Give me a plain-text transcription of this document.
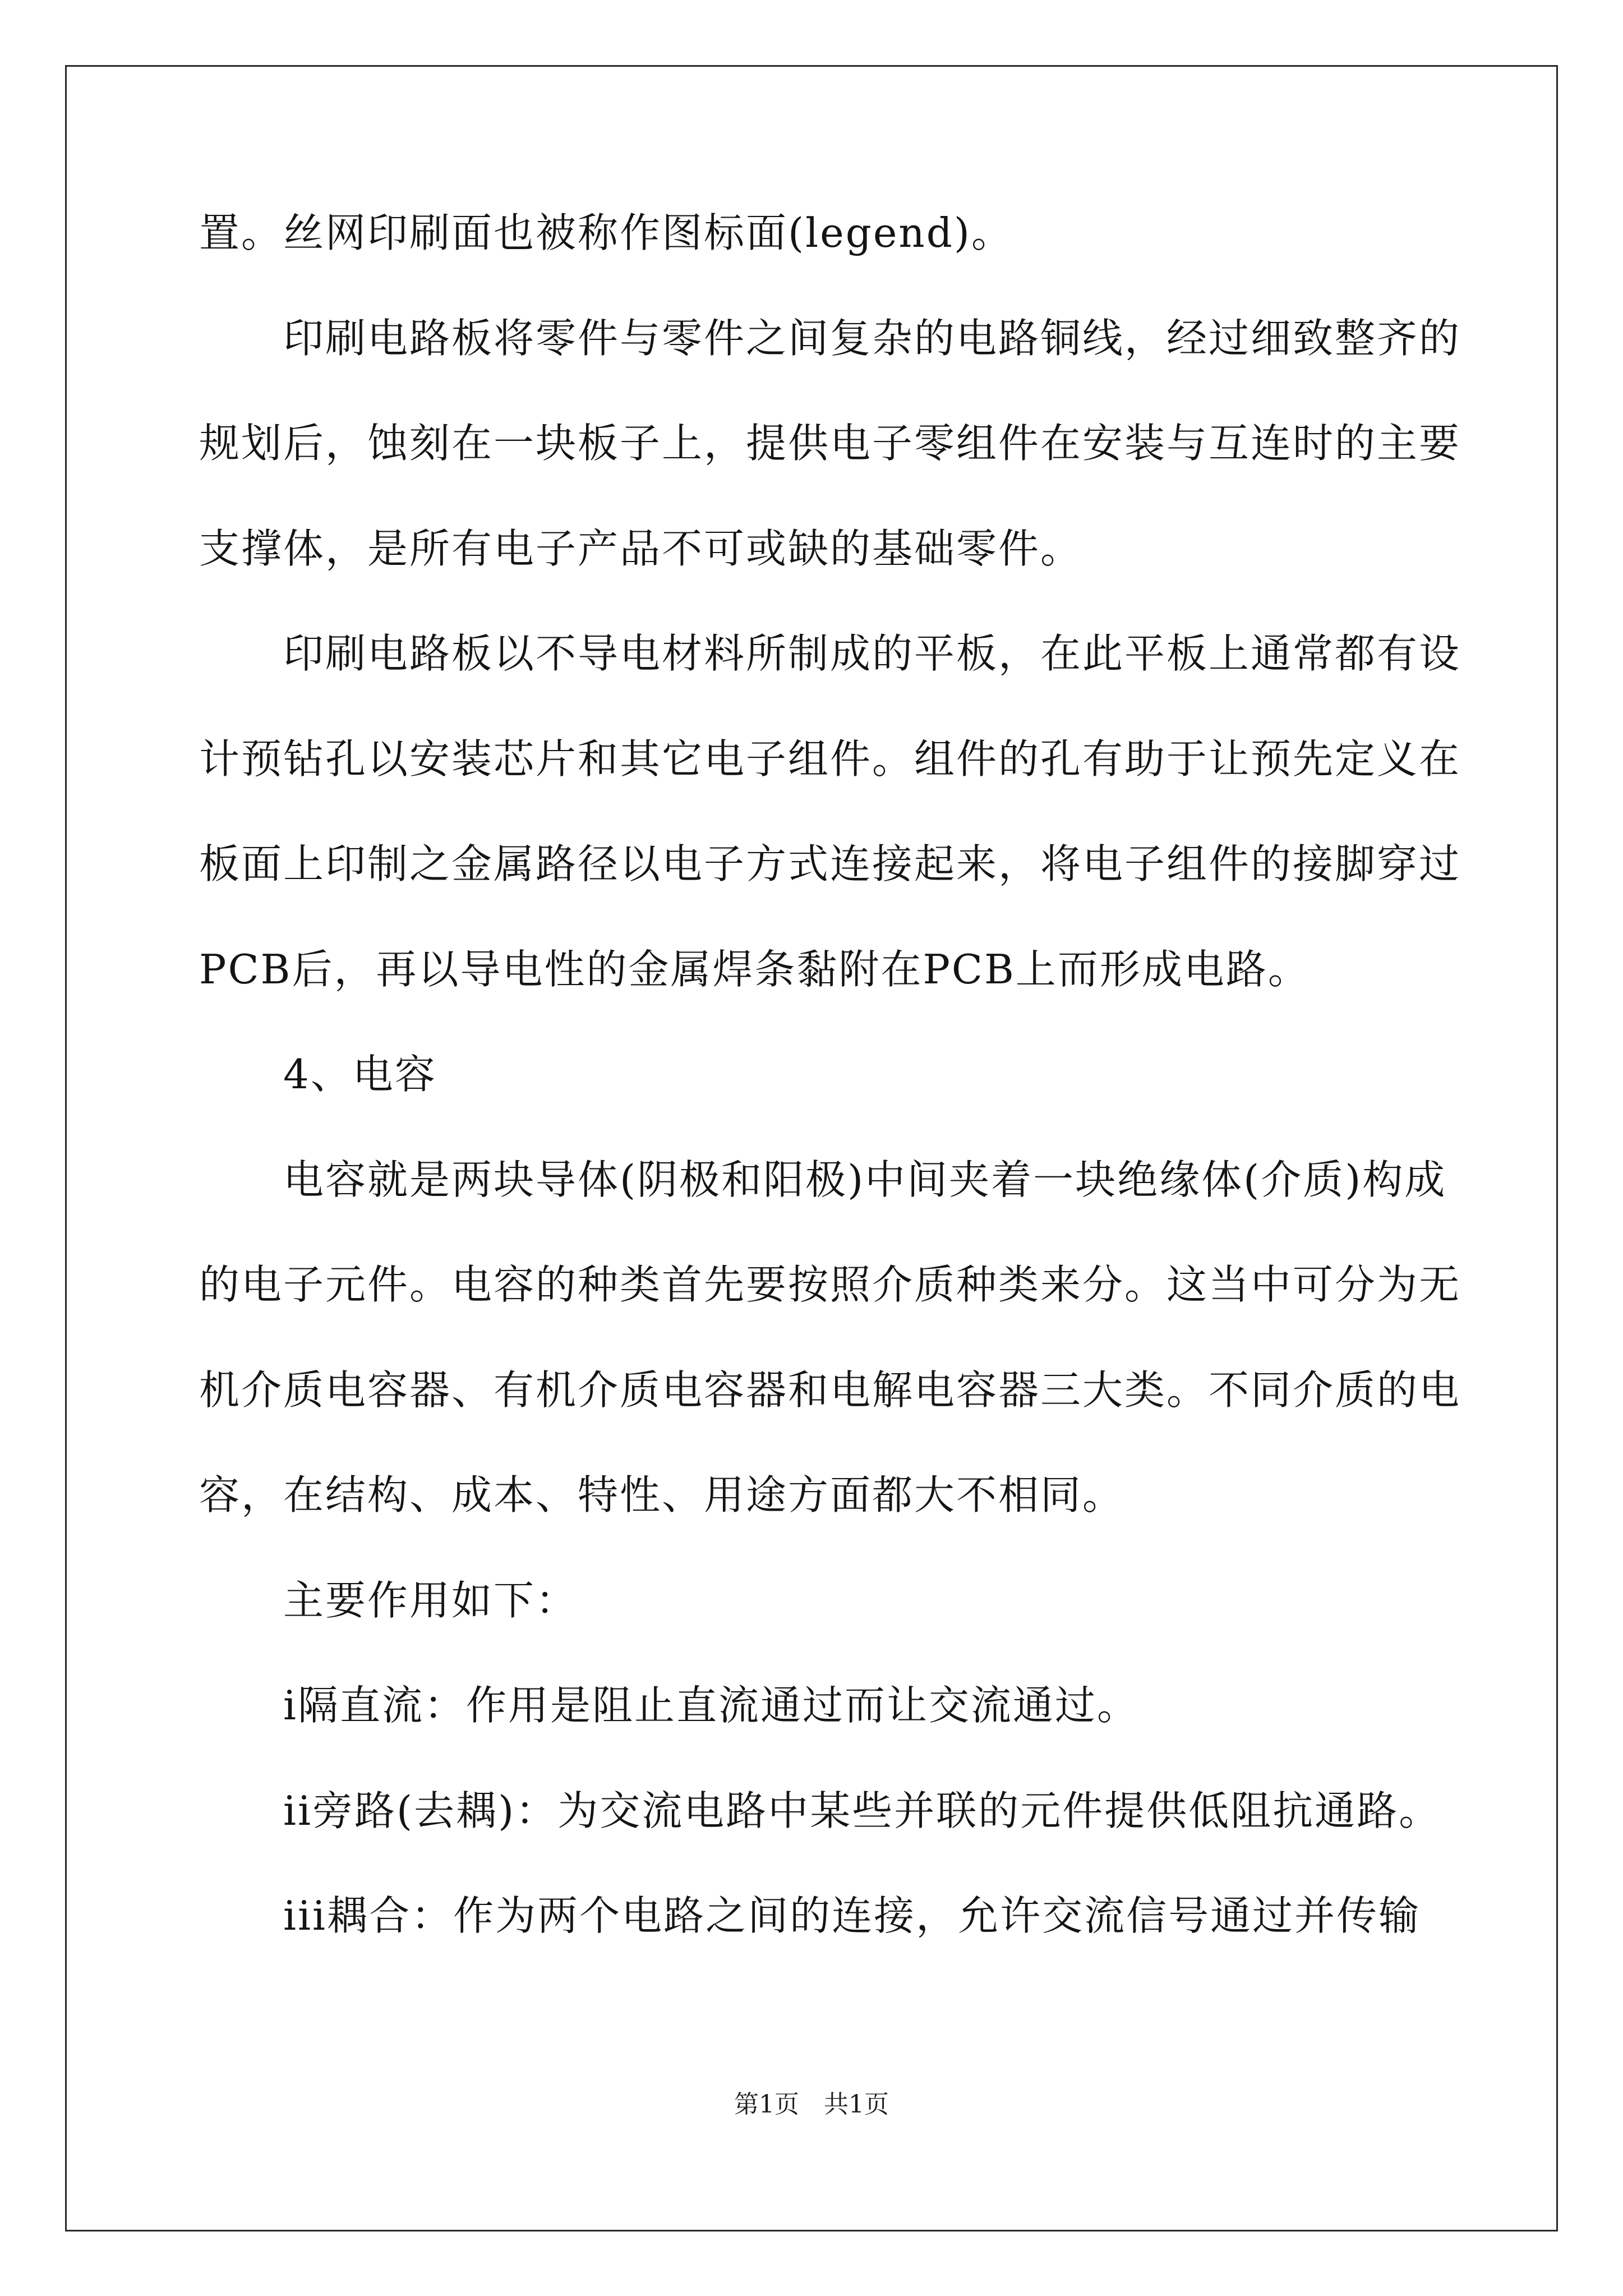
置。丝网印刷面也被称作图标面(legend)。
印刷电路板将零件与零件之间复杂的电路铜线，经过细致整齐的
规划后，蚀刻在一块板子上，提供电子零组件在安装与互连时的主要
支撑体，是所有电子产品不可或缺的基础零件。
印刷电路板以不导电材料所制成的平板，在此平板上通常都有设
计预钻孔以安装芯片和其它电子组件。组件的孔有助于让预先定义在
板面上印制之金属路径以电子方式连接起来，将电子组件的接脚穿过
PCB后，再以导电性的金属焊条黏附在PCB上而形成电路。
4、电容
电容就是两块导体(阴极和阳极)中间夹着一块绝缘体(介质)构成
的电子元件。电容的种类首先要按照介质种类来分。这当中可分为无
机介质电容器、有机介质电容器和电解电容器三大类。不同介质的电
容，在结构、成本、特性、用途方面都大不相同。
主要作用如下：
i隔直流：作用是阻止直流通过而让交流通过。
ii旁路(去耦)：为交流电路中某些并联的元件提供低阻抗通路。
iii耦合：作为两个电路之间的连接，允许交流信号通过并传输
第1页　共1页
